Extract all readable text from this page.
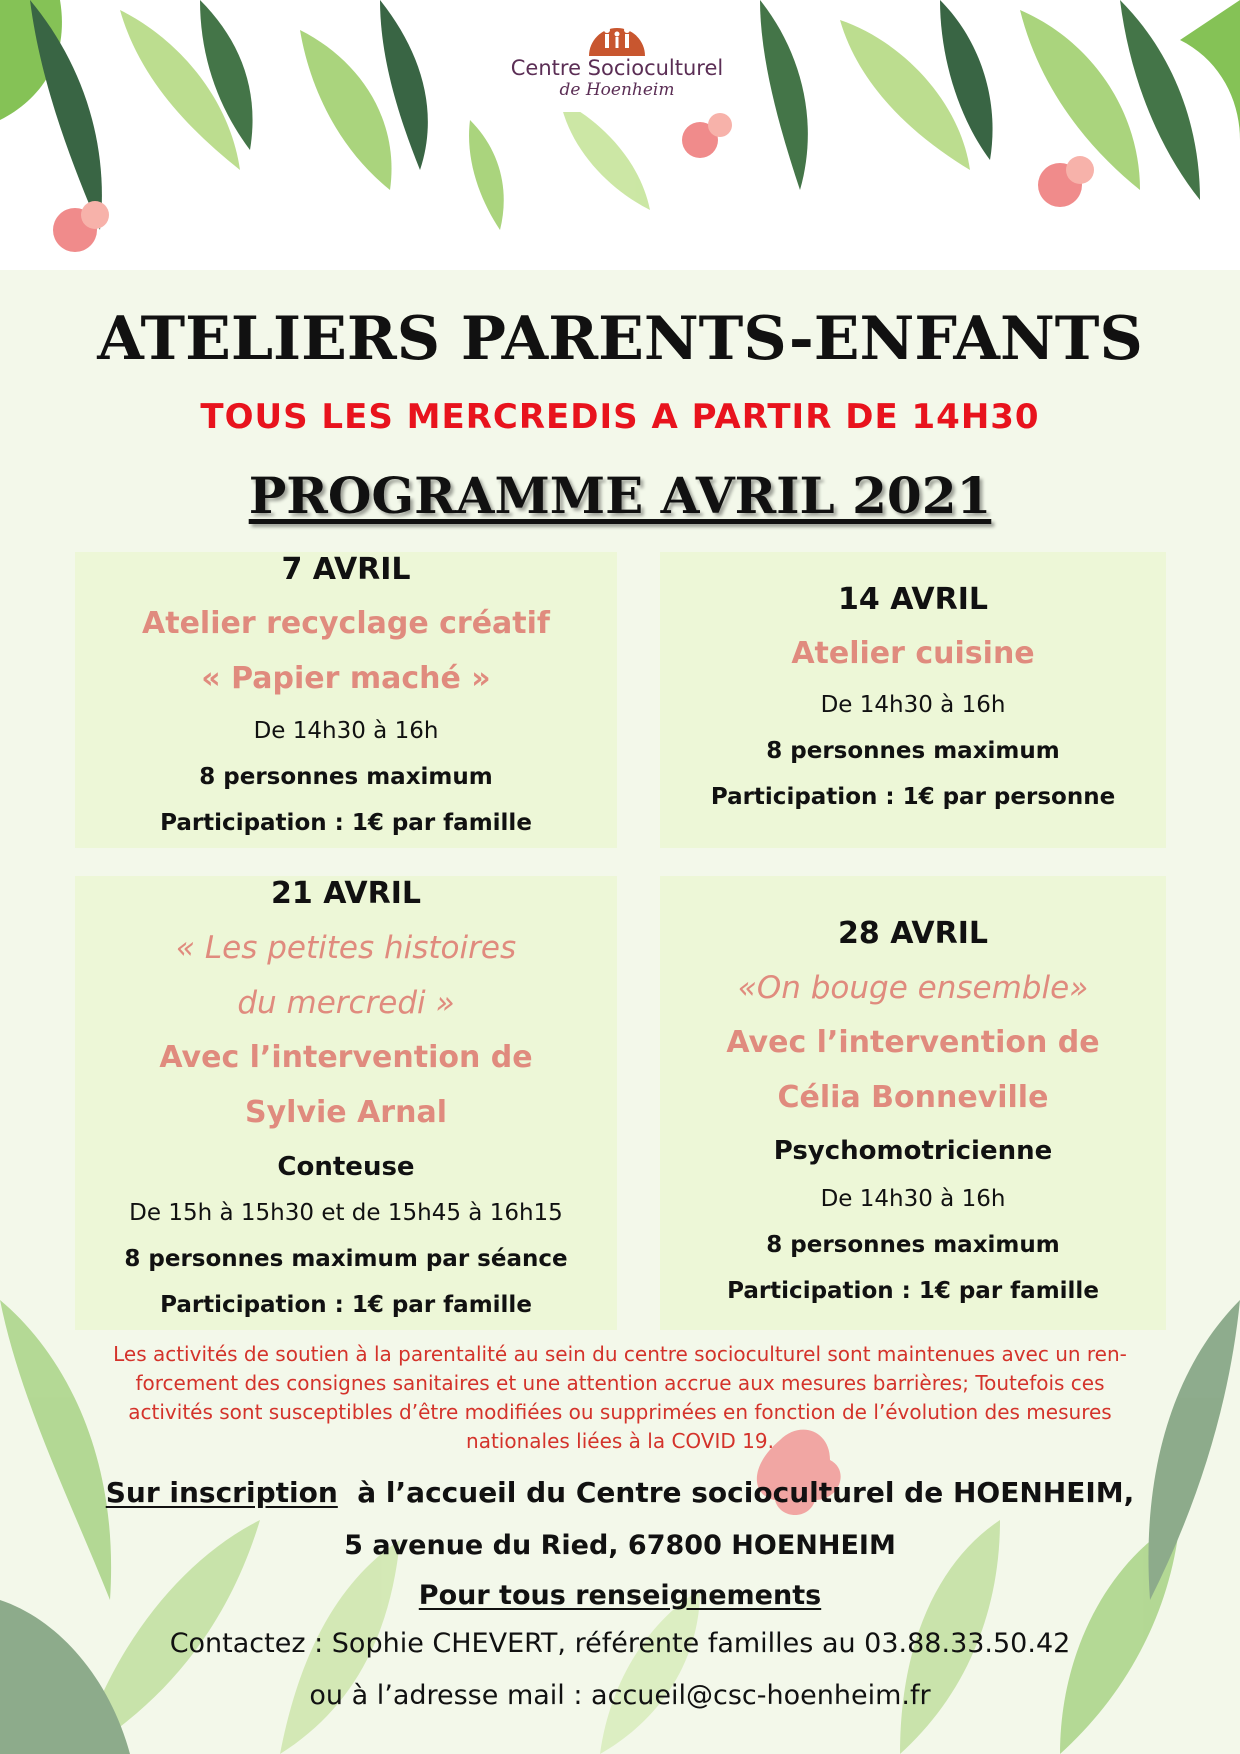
Centre Socioculturel
de Hoenheim
ATELIERS PARENTS-ENFANTS
TOUS LES MERCREDIS A PARTIR DE 14H30
PROGRAMME AVRIL 2021
7 AVRIL
Atelier recyclage créatif
« Papier maché »
De 14h30 à 16h
8 personnes maximum
Participation : 1€ par famille
14 AVRIL
Atelier cuisine
De 14h30 à 16h
8 personnes maximum
Participation : 1€ par personne
21 AVRIL
« Les petites histoires
du mercredi »
Avec l’intervention de
Sylvie Arnal
Conteuse
De 15h à 15h30 et de 15h45 à 16h15
8 personnes maximum par séance
Participation : 1€ par famille
28 AVRIL
«On bouge ensemble»
Avec l’intervention de
Célia Bonneville
Psychomotricienne
De 14h30 à 16h
8 personnes maximum
Participation : 1€ par famille
Les activités de soutien à la parentalité au sein du centre socioculturel sont maintenues avec un ren-
forcement des consignes sanitaires et une attention accrue aux mesures barrières; Toutefois ces
activités sont susceptibles d’être modifiées ou supprimées en fonction de l’évolution des mesures
nationales liées à la COVID 19.
Sur inscription  à l’accueil du Centre socioculturel de HOENHEIM,
5 avenue du Ried, 67800 HOENHEIM
Pour tous renseignements
Contactez : Sophie CHEVERT, référente familles au 03.88.33.50.42
ou à l’adresse mail : accueil@csc-hoenheim.fr
